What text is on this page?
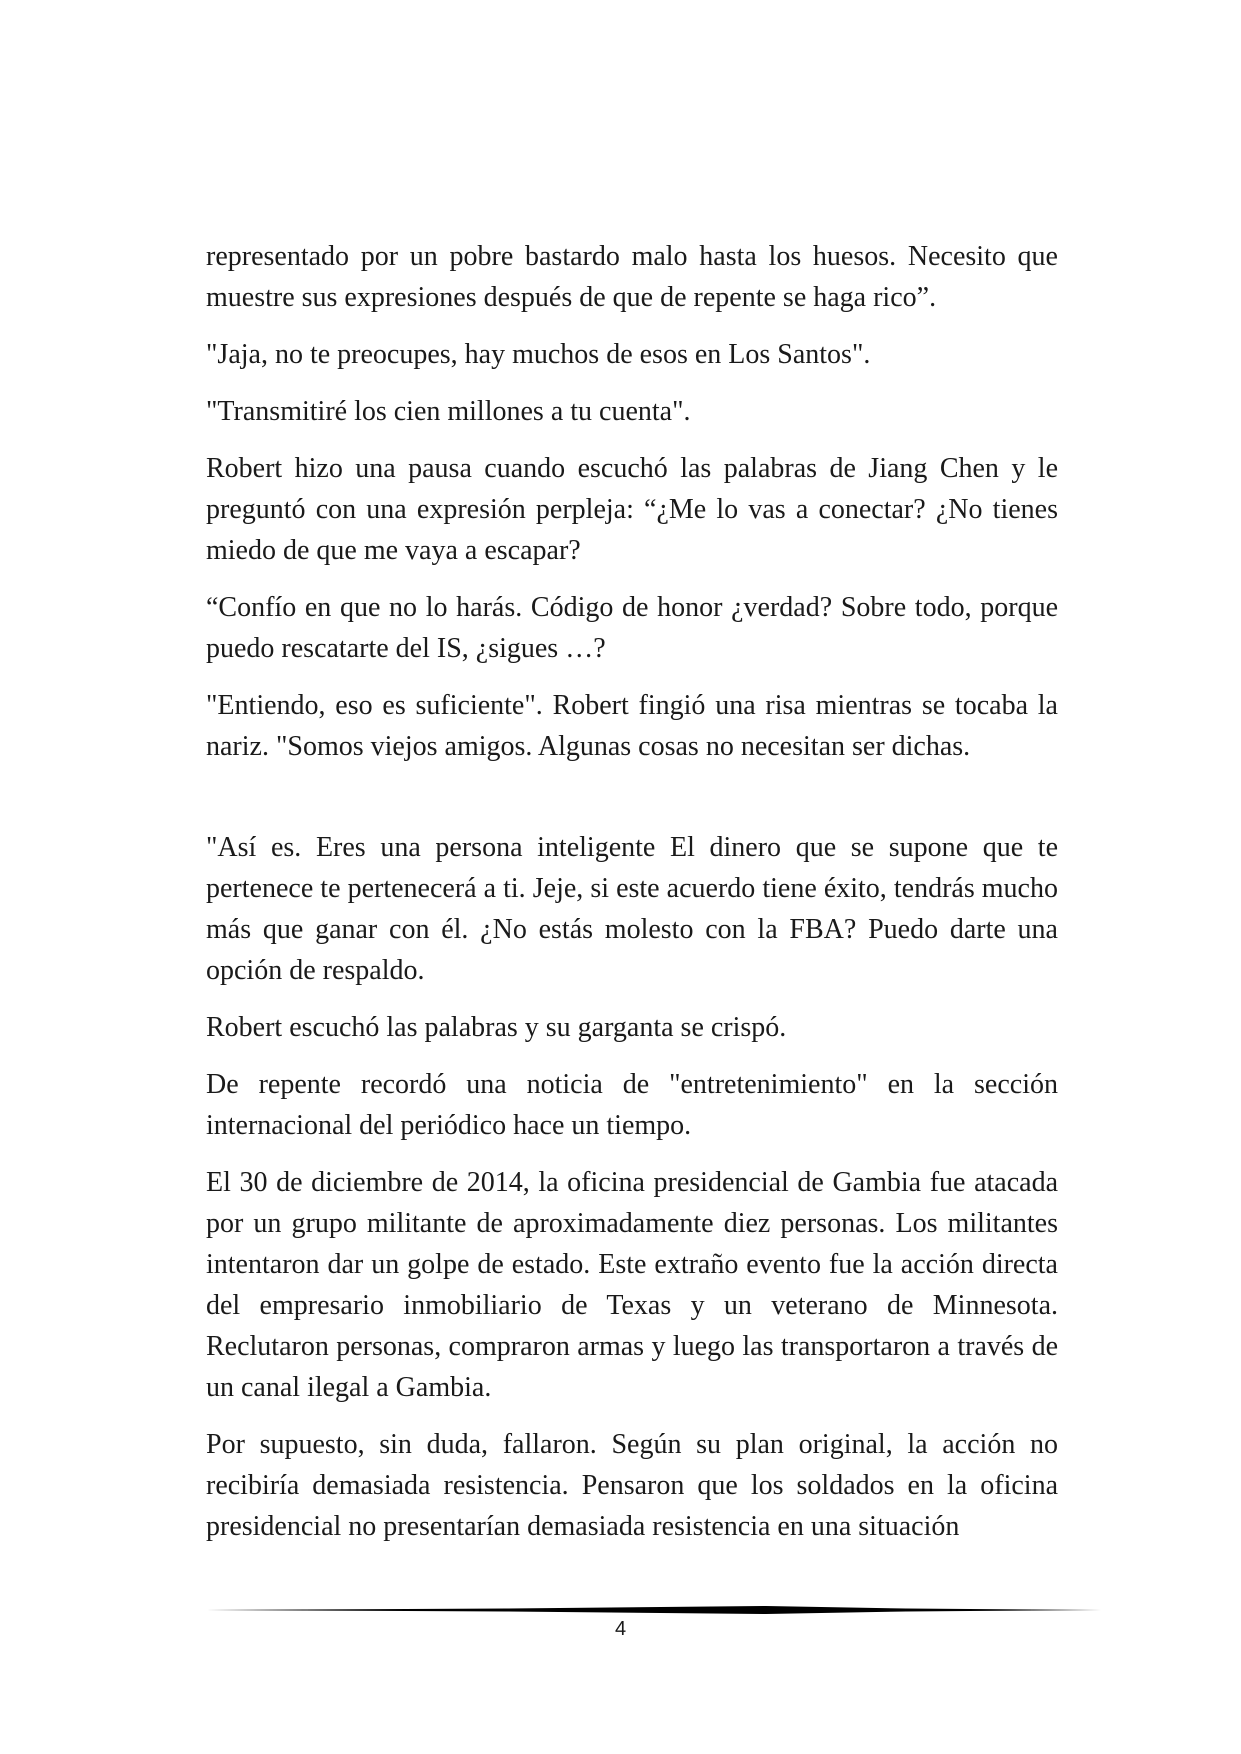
representado por un pobre bastardo malo hasta los huesos. Necesito que muestre sus expresiones después de que de repente se haga rico”.

"Jaja, no te preocupes, hay muchos de esos en Los Santos".

"Transmitiré los cien millones a tu cuenta".

Robert hizo una pausa cuando escuchó las palabras de Jiang Chen y le preguntó con una expresión perpleja: “¿Me lo vas a conectar? ¿No tienes miedo de que me vaya a escapar?

“Confío en que no lo harás. Código de honor ¿verdad? Sobre todo, porque puedo rescatarte del IS, ¿sigues …?

"Entiendo, eso es suficiente". Robert fingió una risa mientras se tocaba la nariz. "Somos viejos amigos. Algunas cosas no necesitan ser dichas.

"Así es. Eres una persona inteligente El dinero que se supone que te pertenece te pertenecerá a ti. Jeje, si este acuerdo tiene éxito, tendrás mucho más que ganar con él. ¿No estás molesto con la FBA? Puedo darte una opción de respaldo.

Robert escuchó las palabras y su garganta se crispó.

De repente recordó una noticia de "entretenimiento" en la sección internacional del periódico hace un tiempo.

El 30 de diciembre de 2014, la oficina presidencial de Gambia fue atacada por un grupo militante de aproximadamente diez personas. Los militantes intentaron dar un golpe de estado. Este extraño evento fue la acción directa del empresario inmobiliario de Texas y un veterano de Minnesota. Reclutaron personas, compraron armas y luego las transportaron a través de un canal ilegal a Gambia.

Por supuesto, sin duda, fallaron. Según su plan original, la acción no recibiría demasiada resistencia. Pensaron que los soldados en la oficina presidencial no presentarían demasiada resistencia en una situación

4
